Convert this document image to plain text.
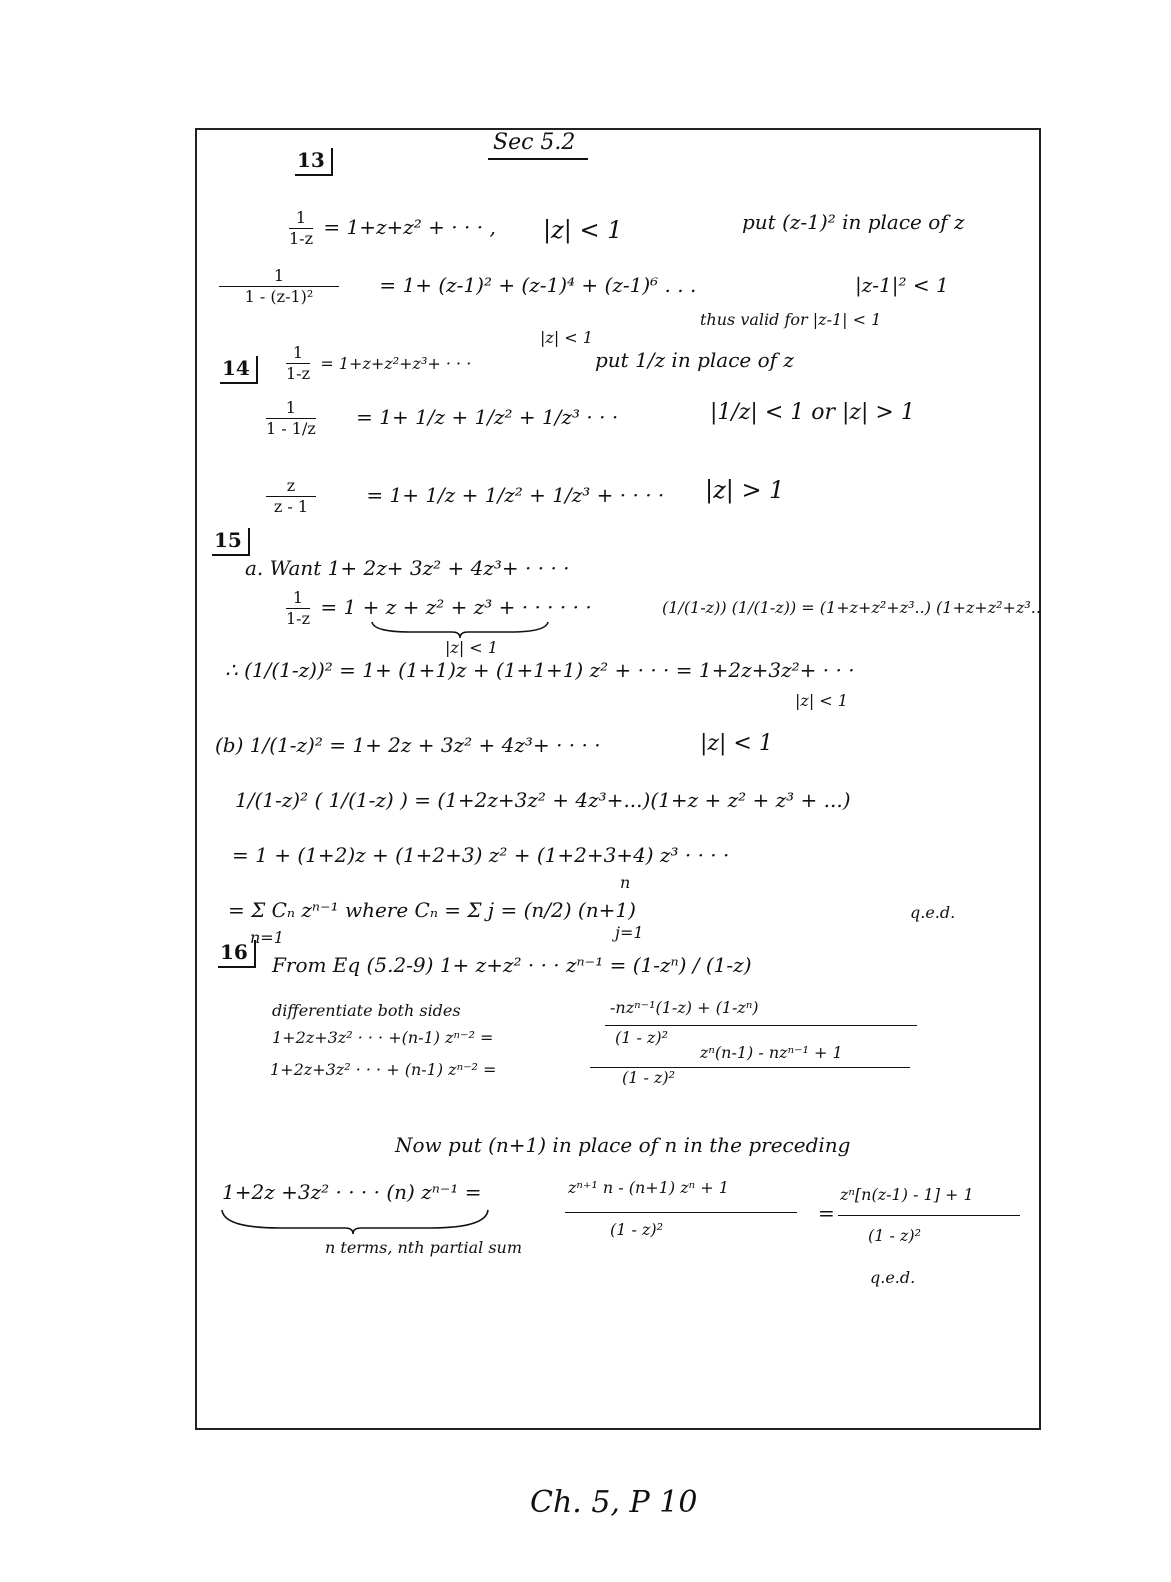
Sec 5.2
13
$\frac{1}{1-z} = 1+z+z^2$ + · · · , |z| < 1	put (z-1)² in place of z
$\frac{1}{\text{1 - (z-1)²}} = 1+ (z-1)^2 + (z-1)^4 + (z-1)^6$ . . .	|z-1|² < 1
thus valid for |z-1| < 1
|z| < 1
14	$\frac{1}{1-z} = 1+z+z^2+z^3+$ · · ·	put 1/z in place of z
$\frac{1}{1 - 1/z} = 1+ 1/z + 1/z^2 + 1/z^3$ · · ·	|1/z| < 1 or |z| > 1
$\frac{z}{z - 1}$	= 1+ 1/z + 1/z² + 1/z³ + · · · · |z| > 1
15
a. Want 1+ 2z+ 3z² + 4z³+ · · · ·
$\frac{1}{1-z} = 1 + z + z^2 + z^3$ + · · · · · ·
|z| < 1
(1/(1-z)) (1/(1-z)) = (1+z+z²+z³..) (1+z+z²+z³..
∴ (1/(1-z))² = 1+ (1+1)z + (1+1+1) z² + · · · = 1+2z+3z²+ · · ·
|z| < 1
(b) 1/(1-z)² = 1+ 2z + 3z² + 4z³+ · · · ·	|z| < 1
1/(1-z)² ( 1/(1-z) ) = (1+2z+3z² + 4z³+...)(1+z + z² + z³ + ...)
= 1 + (1+2)z + (1+2+3) z² + (1+2+3+4) z³ · · · ·
= Σ Cₙ zⁿ⁻¹ where Cₙ = Σ j = (n/2) (n+1)
n=1
n
j=1
q.e.d.
16
From Eq (5.2-9) 1+ z+z² · · · zⁿ⁻¹ = (1-zⁿ) / (1-z)
differentiate both sides	-nzⁿ⁻¹(1-z) + (1-zⁿ)
1+2z+3z² · · · +(n-1) zⁿ⁻² =	(1 - z)²
zⁿ(n-1) - nzⁿ⁻¹ + 1
1+2z+3z² · · · + (n-1) zⁿ⁻² =	(1 - z)²
Now put (n+1) in place of n in the preceding
1+2z +3z² · · · · (n) zⁿ⁻¹ =	zⁿ⁺¹ n - (n+1) zⁿ + 1
(1 - z)²
=
zⁿ[n(z-1) - 1] + 1
(1 - z)²
n terms, nth partial sum
q.e.d.
Ch. 5, P 10
